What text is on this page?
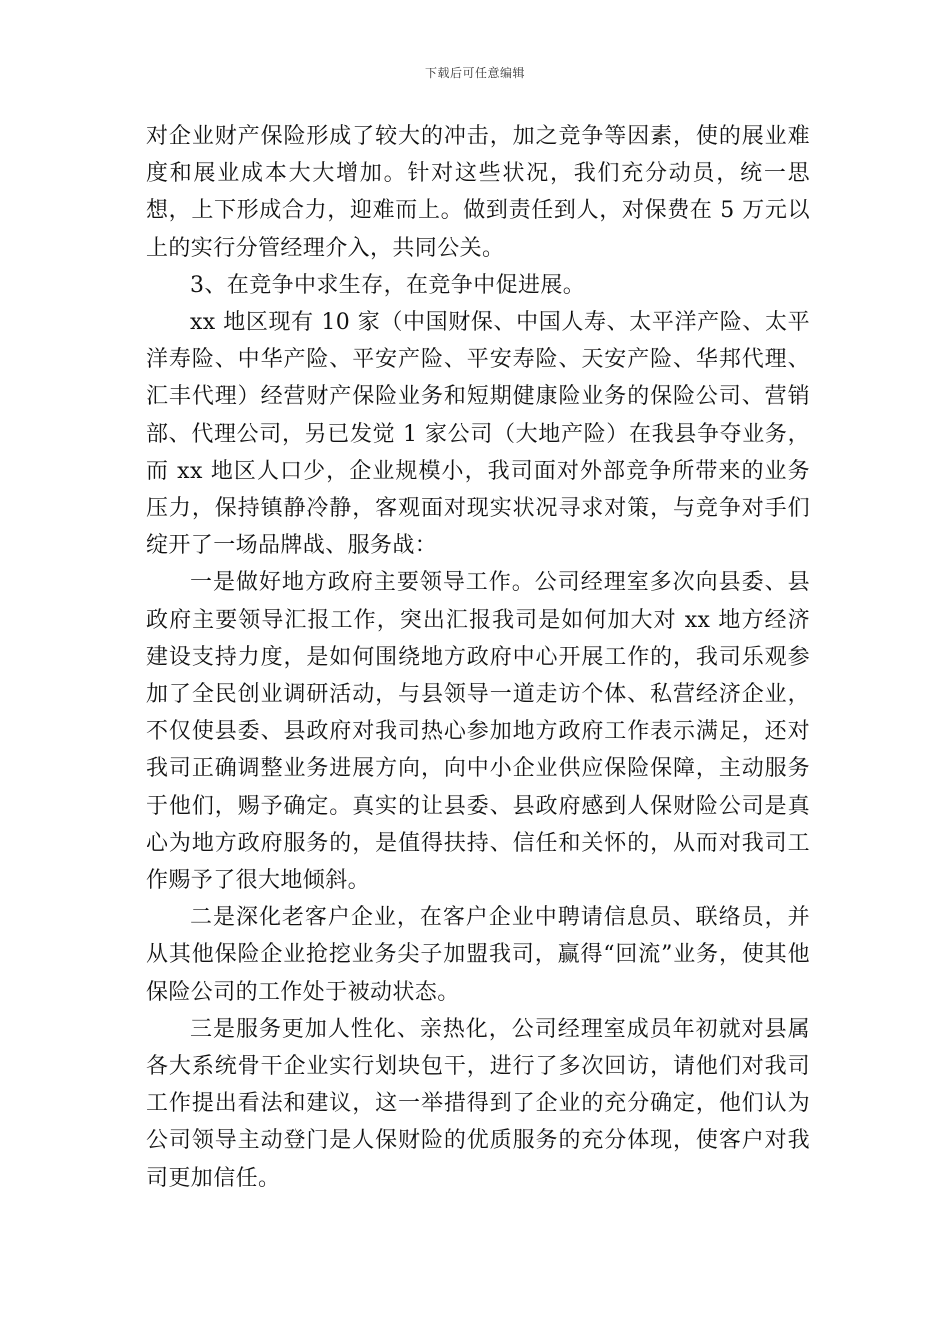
下载后可任意编辑

对企业财产保险形成了较大的冲击，加之竞争等因素，使的展业难度和展业成本大大增加。针对这些状况，我们充分动员，统一思想，上下形成合力，迎难而上。做到责任到人，对保费在 5 万元以上的实行分管经理介入，共同公关。

3、在竞争中求生存，在竞争中促进展。

xx 地区现有 10 家（中国财保、中国人寿、太平洋产险、太平洋寿险、中华产险、平安产险、平安寿险、天安产险、华邦代理、汇丰代理）经营财产保险业务和短期健康险业务的保险公司、营销部、代理公司，另已发觉 1 家公司（大地产险）在我县争夺业务，而 xx 地区人口少，企业规模小，我司面对外部竞争所带来的业务压力，保持镇静冷静，客观面对现实状况寻求对策，与竞争对手们绽开了一场品牌战、服务战：

一是做好地方政府主要领导工作。公司经理室多次向县委、县政府主要领导汇报工作，突出汇报我司是如何加大对 xx 地方经济建设支持力度，是如何围绕地方政府中心开展工作的，我司乐观参加了全民创业调研活动，与县领导一道走访个体、私营经济企业，不仅使县委、县政府对我司热心参加地方政府工作表示满足，还对我司正确调整业务进展方向，向中小企业供应保险保障，主动服务于他们，赐予确定。真实的让县委、县政府感到人保财险公司是真心为地方政府服务的，是值得扶持、信任和关怀的，从而对我司工作赐予了很大地倾斜。

二是深化老客户企业，在客户企业中聘请信息员、联络员，并从其他保险企业抢挖业务尖子加盟我司，赢得“回流”业务，使其他保险公司的工作处于被动状态。

三是服务更加人性化、亲热化，公司经理室成员年初就对县属各大系统骨干企业实行划块包干，进行了多次回访，请他们对我司工作提出看法和建议，这一举措得到了企业的充分确定，他们认为公司领导主动登门是人保财险的优质服务的充分体现，使客户对我司更加信任。
